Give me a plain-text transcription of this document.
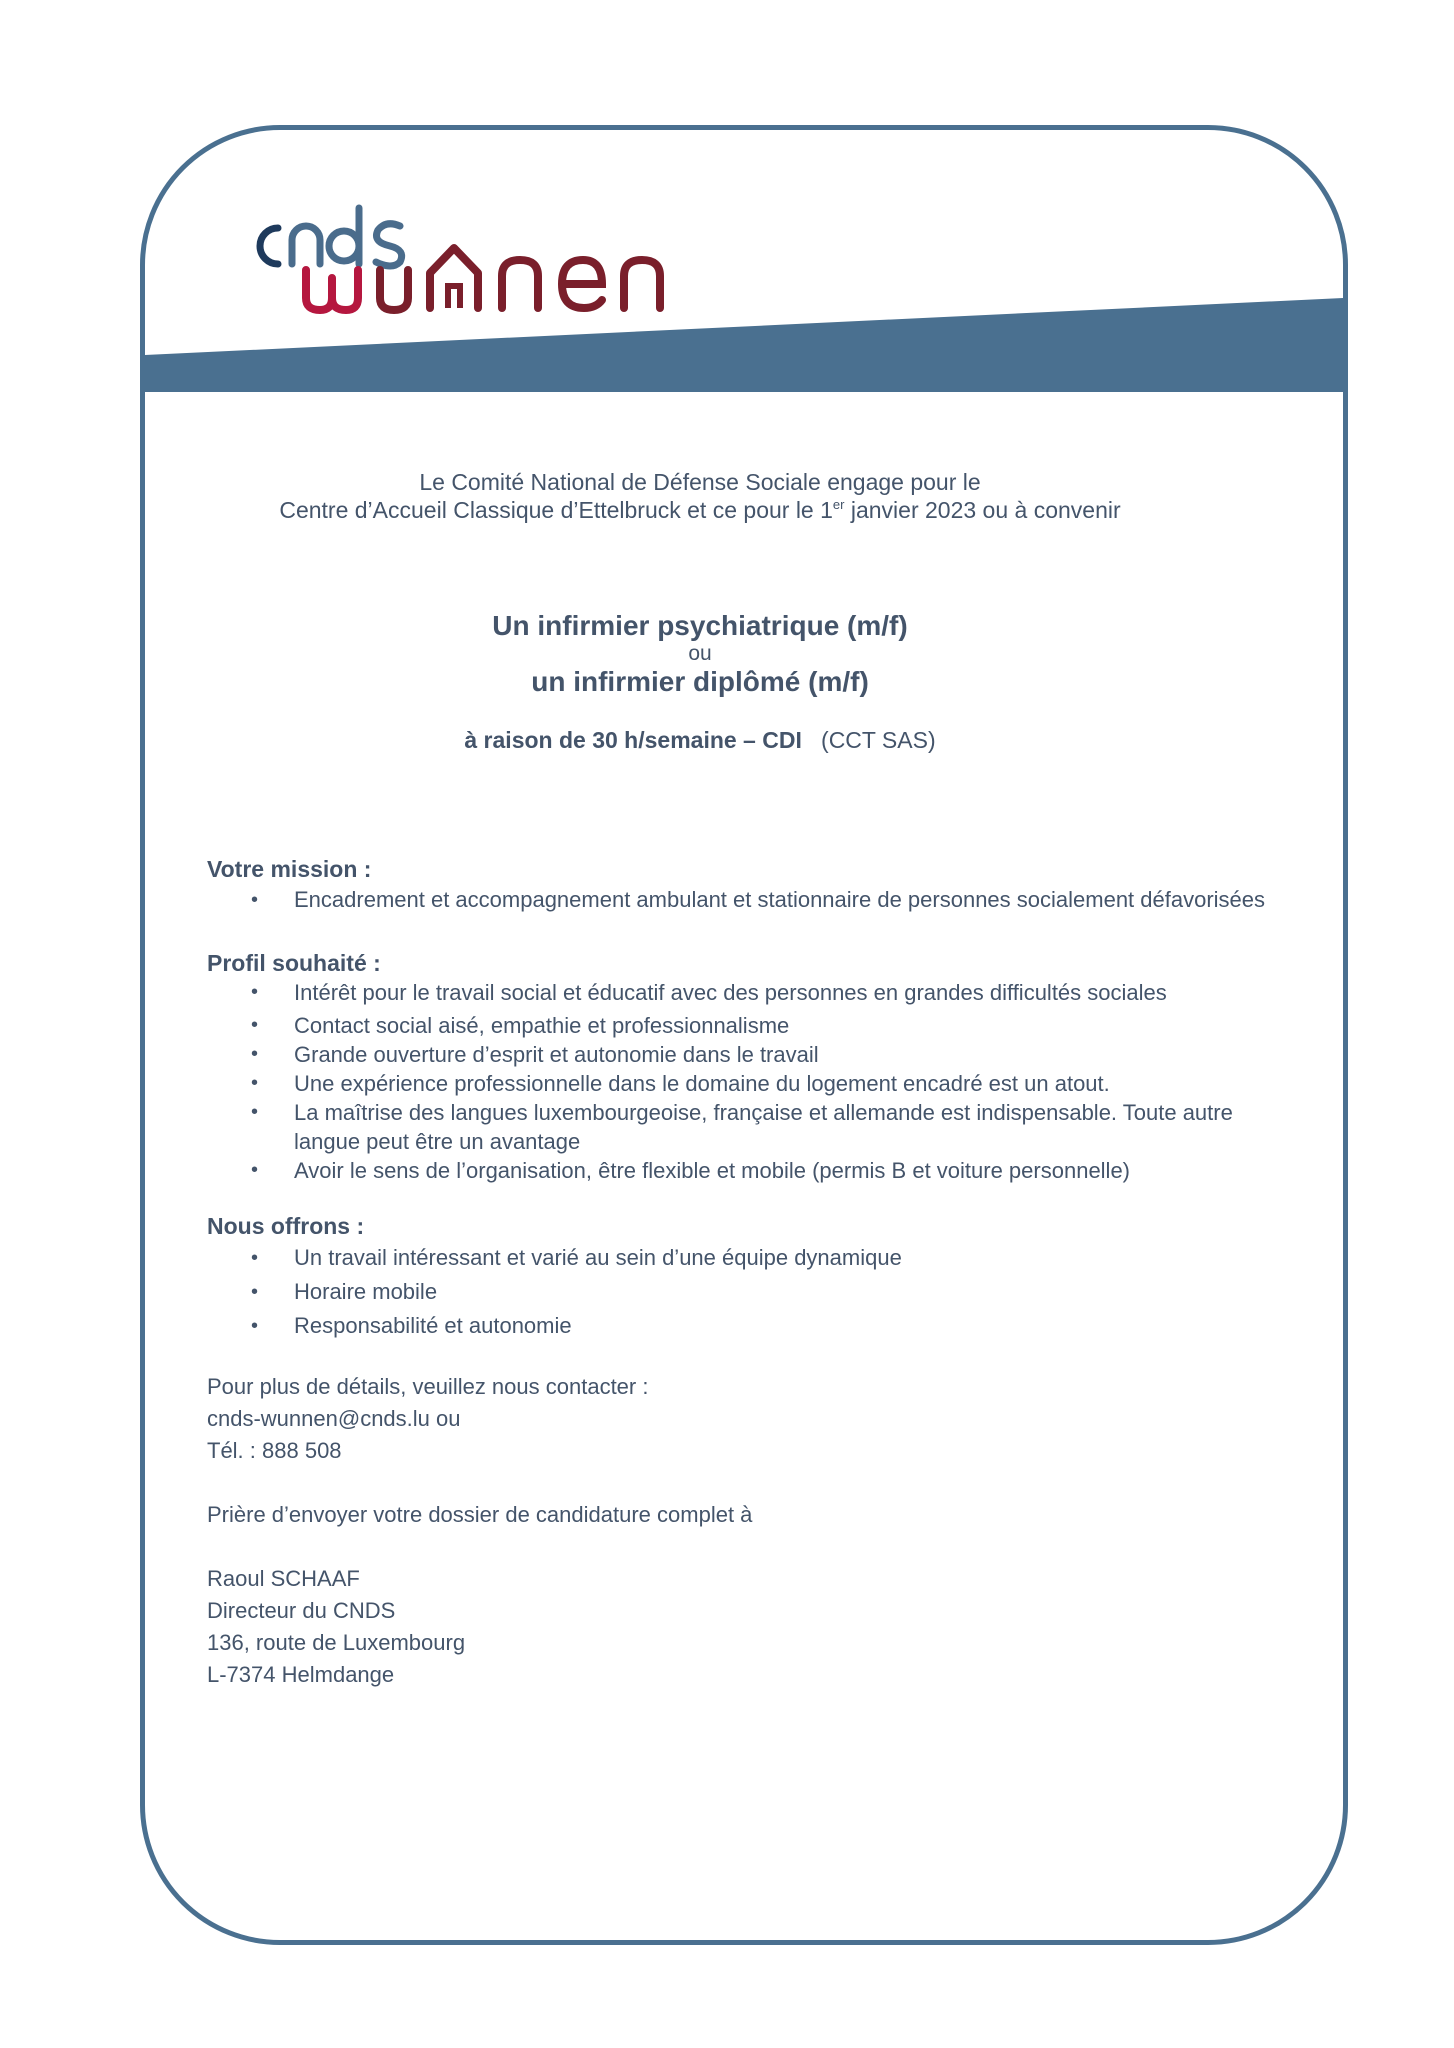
Le Comité National de Défense Sociale engage pour le
Centre d’Accueil Classique d’Ettelbruck et ce pour le 1er janvier 2023 ou à convenir
Un infirmier psychiatrique (m/f)
ou
un infirmier diplômé (m/f)
à raison de 30 h/semaine – CDI (CCT SAS)
Votre mission :
• Encadrement et accompagnement ambulant et stationnaire de personnes socialement défavorisées
Profil souhaité :
• Intérêt pour le travail social et éducatif avec des personnes en grandes difficultés sociales
• Contact social aisé, empathie et professionnalisme
• Grande ouverture d’esprit et autonomie dans le travail
• Une expérience professionnelle dans le domaine du logement encadré est un atout.
• La maîtrise des langues luxembourgeoise, française et allemande est indispensable. Toute autre langue peut être un avantage
• Avoir le sens de l’organisation, être flexible et mobile (permis B et voiture personnelle)
Nous offrons :
• Un travail intéressant et varié au sein d’une équipe dynamique
• Horaire mobile
• Responsabilité et autonomie
Pour plus de détails, veuillez nous contacter :
cnds-wunnen@cnds.lu ou
Tél. : 888 508
Prière d’envoyer votre dossier de candidature complet à
Raoul SCHAAF
Directeur du CNDS
136, route de Luxembourg
L-7374 Helmdange
